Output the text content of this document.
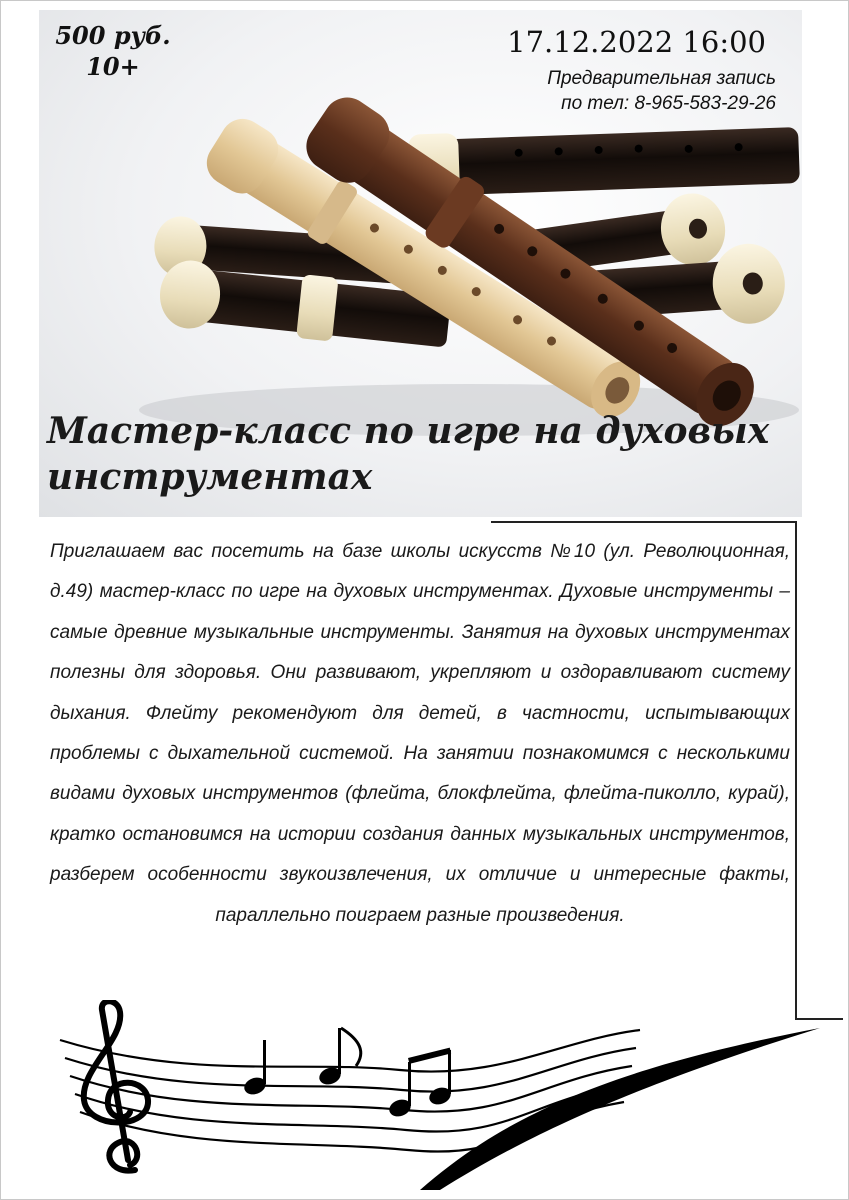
500 руб.
10+
17.12.2022 16:00
Предварительная запись
по тел: 8-965-583-29-26
Мастер-класс по игре на духовых инструментах

Приглашаем вас посетить на базе школы искусств №10 (ул. Революционная, д.49) мастер-класс по игре на духовых инструментах. Духовые инструменты – самые древние музыкальные инструменты. Занятия на духовых инструментах полезны для здоровья. Они развивают, укрепляют и оздоравливают систему дыхания. Флейту рекомендуют для детей, в частности, испытывающих проблемы с дыхательной системой. На занятии познакомимся с несколькими видами духовых инструментов (флейта, блокфлейта, флейта-пиколло, курай), кратко остановимся на истории создания данных музыкальных инструментов, разберем особенности звукоизвлечения, их отличие и интересные факты, параллельно поиграем разные произведения.
